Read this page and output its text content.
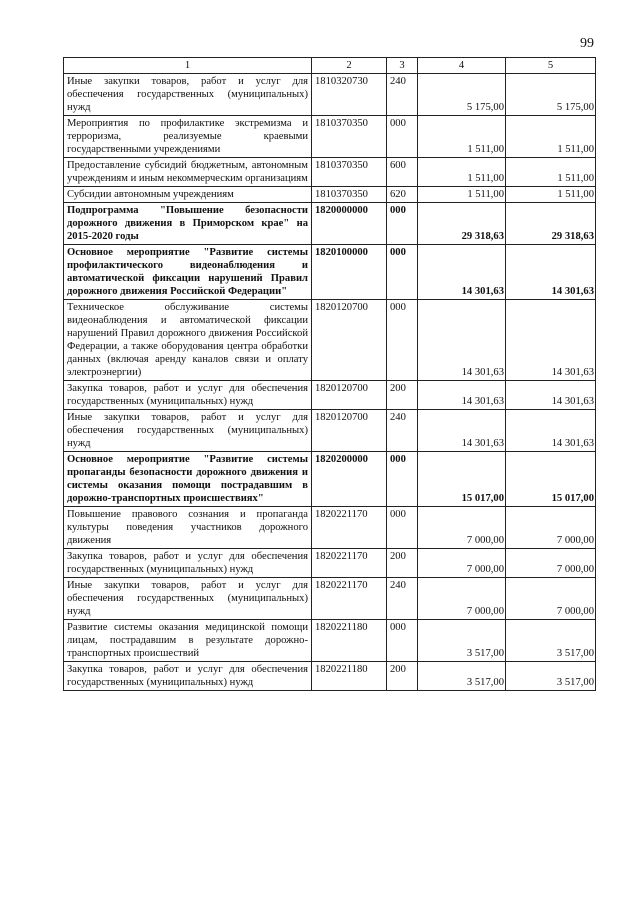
99
1	2	3	4	5
Иные закупки товаров, работ и услуг для обеспечения государственных (муниципальных) нужд	1810320730	240	5 175,00	5 175,00
Мероприятия по профилактике экстремизма и терроризма, реализуемые краевыми государственными учреждениями	1810370350	000	1 511,00	1 511,00
Предоставление субсидий бюджетным, автономным учреждениям и иным некоммерческим организациям	1810370350	600	1 511,00	1 511,00
Субсидии автономным учреждениям	1810370350	620	1 511,00	1 511,00
Подпрограмма "Повышение безопасности дорожного движения в Приморском крае" на 2015-2020 годы	1820000000	000	29 318,63	29 318,63
Основное мероприятие "Развитие системы профилактического видеонаблюдения и автоматической фиксации нарушений Правил дорожного движения Российской Федерации"	1820100000	000	14 301,63	14 301,63
Техническое обслуживание системы видеонаблюдения и автоматической фиксации нарушений Правил дорожного движения Российской Федерации, а также оборудования центра обработки данных (включая аренду каналов связи и оплату электроэнергии)	1820120700	000	14 301,63	14 301,63
Закупка товаров, работ и услуг для обеспечения государственных (муниципальных) нужд	1820120700	200	14 301,63	14 301,63
Иные закупки товаров, работ и услуг для обеспечения государственных (муниципальных) нужд	1820120700	240	14 301,63	14 301,63
Основное мероприятие "Развитие системы пропаганды безопасности дорожного движения и системы оказания помощи пострадавшим в дорожно-транспортных происшествиях"	1820200000	000	15 017,00	15 017,00
Повышение правового сознания и пропаганда культуры поведения участников дорожного движения	1820221170	000	7 000,00	7 000,00
Закупка товаров, работ и услуг для обеспечения государственных (муниципальных) нужд	1820221170	200	7 000,00	7 000,00
Иные закупки товаров, работ и услуг для обеспечения государственных (муниципальных) нужд	1820221170	240	7 000,00	7 000,00
Развитие системы оказания медицинской помощи лицам, пострадавшим в результате дорожно-транспортных происшествий	1820221180	000	3 517,00	3 517,00
Закупка товаров, работ и услуг для обеспечения государственных (муниципальных) нужд	1820221180	200	3 517,00	3 517,00
